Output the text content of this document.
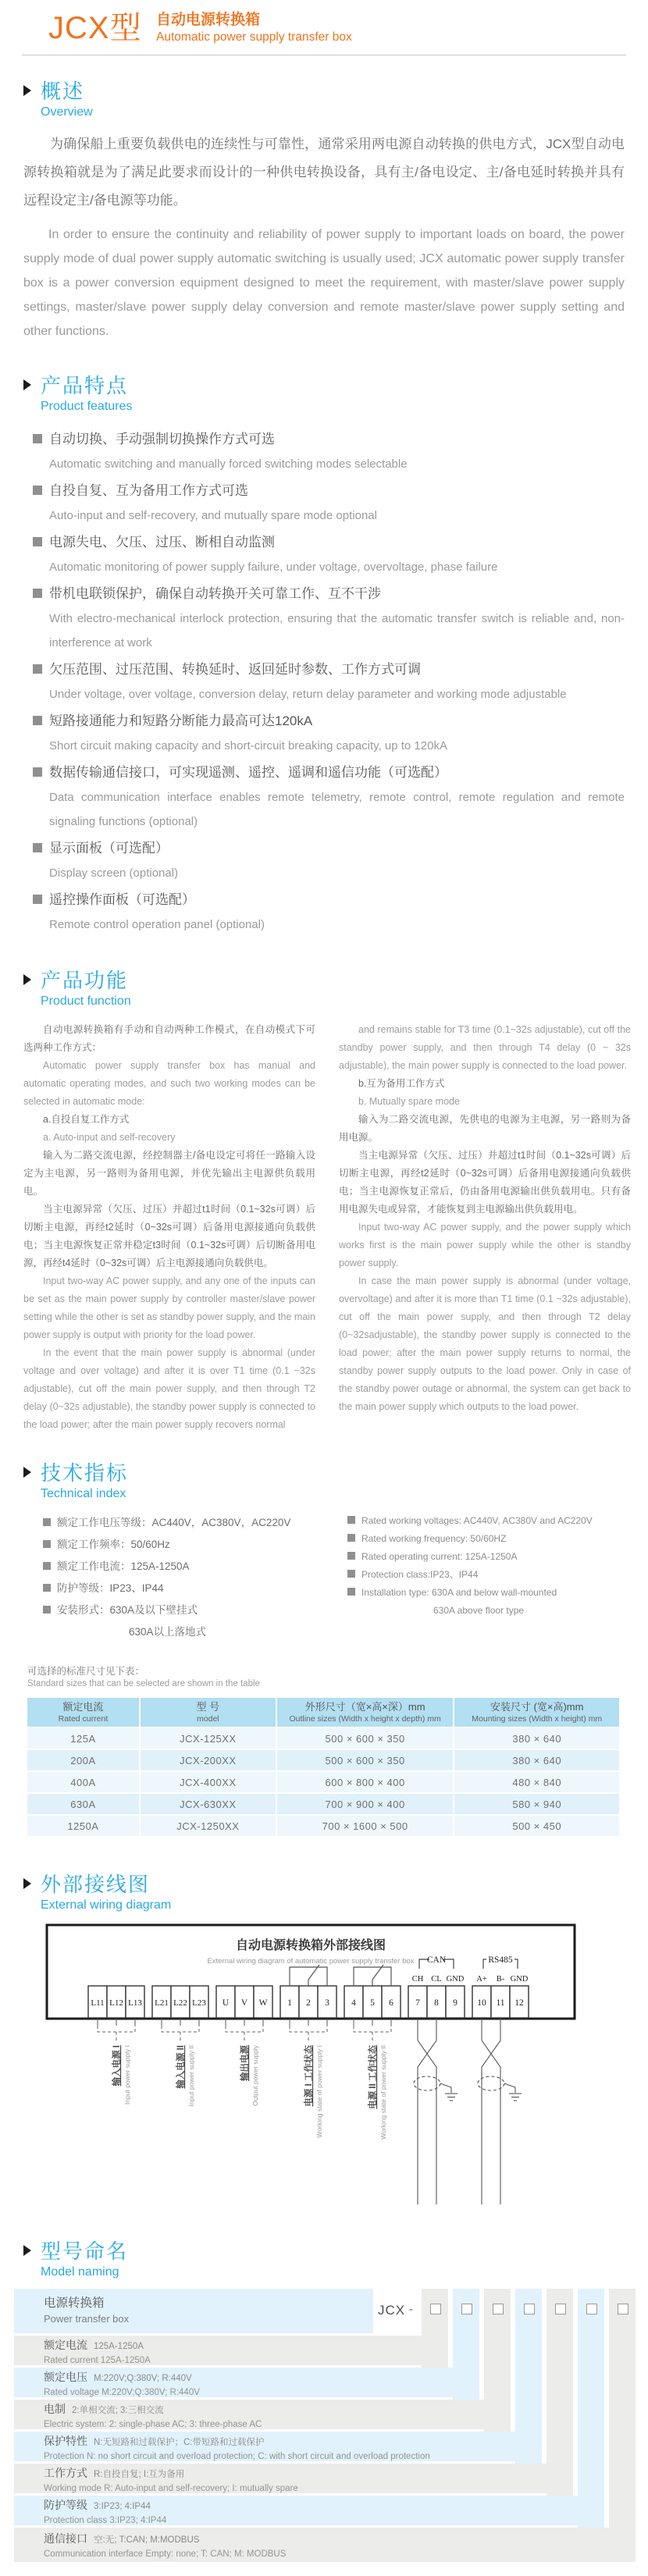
JCX型 自动电源转换箱
Automatic power supply transfer box
概述
Overview

为确保船上重要负载供电的连续性与可靠性，通常采用两电源自动转换的供电方式，JCX型自动电源转换箱就是为了满足此要求而设计的一种供电转换设备，具有主/备电设定、主/备电延时转换并具有远程设定主/备电源等功能。

In order to ensure the continuity and reliability of power supply to important loads on board, the power supply mode of dual power supply automatic switching is usually used; JCX automatic power supply transfer box is a power conversion equipment designed to meet the requirement, with master/slave power supply settings, master/slave power supply delay conversion and remote master/slave power supply setting and other functions.

产品特点
Product features
自动切换、手动强制切换操作方式可选
Automatic switching and manually forced switching modes selectable
自投自复、互为备用工作方式可选
Auto-input and self-recovery, and mutually spare mode optional
电源失电、欠压、过压、断相自动监测
Automatic monitoring of power supply failure, under voltage, overvoltage, phase failure
带机电联锁保护，确保自动转换开关可靠工作、互不干涉
With electro-mechanical interlock protection, ensuring that the automatic transfer switch is reliable and, non-interference at work
欠压范围、过压范围、转换延时、返回延时参数、工作方式可调
Under voltage, over voltage, conversion delay, return delay parameter and working mode adjustable
短路接通能力和短路分断能力最高可达120kA
Short circuit making capacity and short-circuit breaking capacity, up to 120kA
数据传输通信接口，可实现遥测、遥控、遥调和遥信功能（可选配）
Data communication interface enables remote telemetry, remote control, remote regulation and remote signaling functions (optional)
显示面板（可选配）
Display screen (optional)
遥控操作面板（可选配）
Remote control operation panel (optional)
产品功能
Product function

自动电源转换箱有手动和自动两种工作模式，在自动模式下可选两种工作方式：

Automatic power supply transfer box has manual and automatic operating modes, and such two working modes can be selected in automatic mode:

a.自投自复工作方式

a. Auto-input and self-recovery

输入为二路交流电源，经控制器主/备电设定可将任一路输入设定为主电源，另一路则为备用电源，并优先输出主电源供负载用电。

当主电源异常（欠压、过压）并超过t1时间（0.1~32s可调）后切断主电源，再经t2延时（0~32s可调）后备用电源接通向负载供电；当主电源恢复正常并稳定t3时间（0.1~32s可调）后切断备用电源，再经t4延时（0~32s可调）后主电源接通向负载供电。

Input two-way AC power supply, and any one of the inputs can be set as the main power supply by controller master/slave power setting while the other is set as standby power supply, and the main power supply is output with priority for the load power.

In the event that the main power supply is abnormal (under voltage and over voltage) and after it is over T1 time (0.1 ~32s adjustable), cut off the main power supply, and then through T2 delay (0~32s adjustable), the standby power supply is connected to the load power; after the main power supply recovers normal

and remains stable for T3 time (0.1~32s adjustable), cut off the standby power supply, and then through T4 delay (0 ~ 32s adjustable), the main power supply is connected to the load power.

b.互为备用工作方式

b. Mutually spare mode

输入为二路交流电源，先供电的电源为主电源，另一路则为备用电源。

当主电源异常（欠压、过压）并超过t1时间（0.1~32s可调）后切断主电源，再经t2延时（0~32s可调）后备用电源接通向负载供电；当主电源恢复正常后，仍由备用电源输出供负载用电。只有备用电源失电或异常，才能恢复到主电源输出供负载用电。

Input two-way AC power supply, and the power supply which works first is the main power supply while the other is standby power supply.

In case the main power supply is abnormal (under voltage, overvoltage) and after it is more than T1 time (0.1 ~32s adjustable), cut off the main power supply, and then through T2 delay (0~32sadjustable), the standby power supply is connected to the load power; after the main power supply returns to normal, the standby power supply outputs to the load power. Only in case of the standby power outage or abnormal, the system can get back to the main power supply which outputs to the load power.

技术指标
Technical index
额定工作电压等级：AC440V，AC380V，AC220V
额定工作频率：50/60Hz
额定工作电流：125A-1250A
防护等级：IP23、IP44
安装形式：630A及以下壁挂式
630A以上落地式
Rated working voltages: AC440V, AC380V and AC220V
Rated working frequency: 50/60HZ
Rated operating current: 125A-1250A
Protection class:IP23、IP44
Installation type: 630A and below wall-mounted
630A above floor type
可选择的标准尺寸见下表：
Standard sizes that can be selected are shown in the table
额定电流
Rated current	型 号
model	外形尺寸（宽×高×深）mm
Outline sizes (Width x height x depth) mm	安装尺寸 (宽×高)mm
Mounting sizes (Width x height) mm

125A	JCX-125XX	500 × 600 × 350	380 × 640
200A	JCX-200XX	500 × 600 × 350	380 × 640
400A	JCX-400XX	600 × 800 × 400	480 × 840
630A	JCX-630XX	700 × 900 × 400	580 × 940
1250A	JCX-1250XX	700 × 1600 × 500	500 × 450
外部接线图
External wiring diagram
自动电源转换箱外部接线图
External wiring diagram of automatic power supply transfer box
L11 L12 L13 L21 L22 L23 U V W 1 2 3 4 5 6 7 8 9 10 11 12
CH CL GND A+ B- GND
CAN	RS485
输入电源 I Input power supply I	输入电源 II Input power supply II	输出电源 Output power supply	电源 I 工作状态 Working state of power supply I	电源 II 工作状态 Working state of power supply II
型号命名
Model naming
JCX -
电源转换箱
Power transfer box
额定电流 125A-1250A
Rated current 125A-1250A
额定电压 M:220V;Q:380V; R:440V
Rated voltage M:220V;Q:380V; R:440V
电制 2:单相交流; 3:三相交流
Electric system: 2: single-phase AC; 3: three-phase AC
保护特性 N:无短路和过载保护；C:带短路和过载保护
Protection N: no short circuit and overload protection; C: with short circuit and overload protection
工作方式 R:自投自复; I:互为备用
Working mode R: Auto-input and self-recovery; I: mutually spare
防护等级 3:IP23; 4:IP44
Protection class 3:IP23; 4:IP44
通信接口 空:无; T:CAN; M:MODBUS
Communication interface Empty: none; T: CAN; M: MODBUS
